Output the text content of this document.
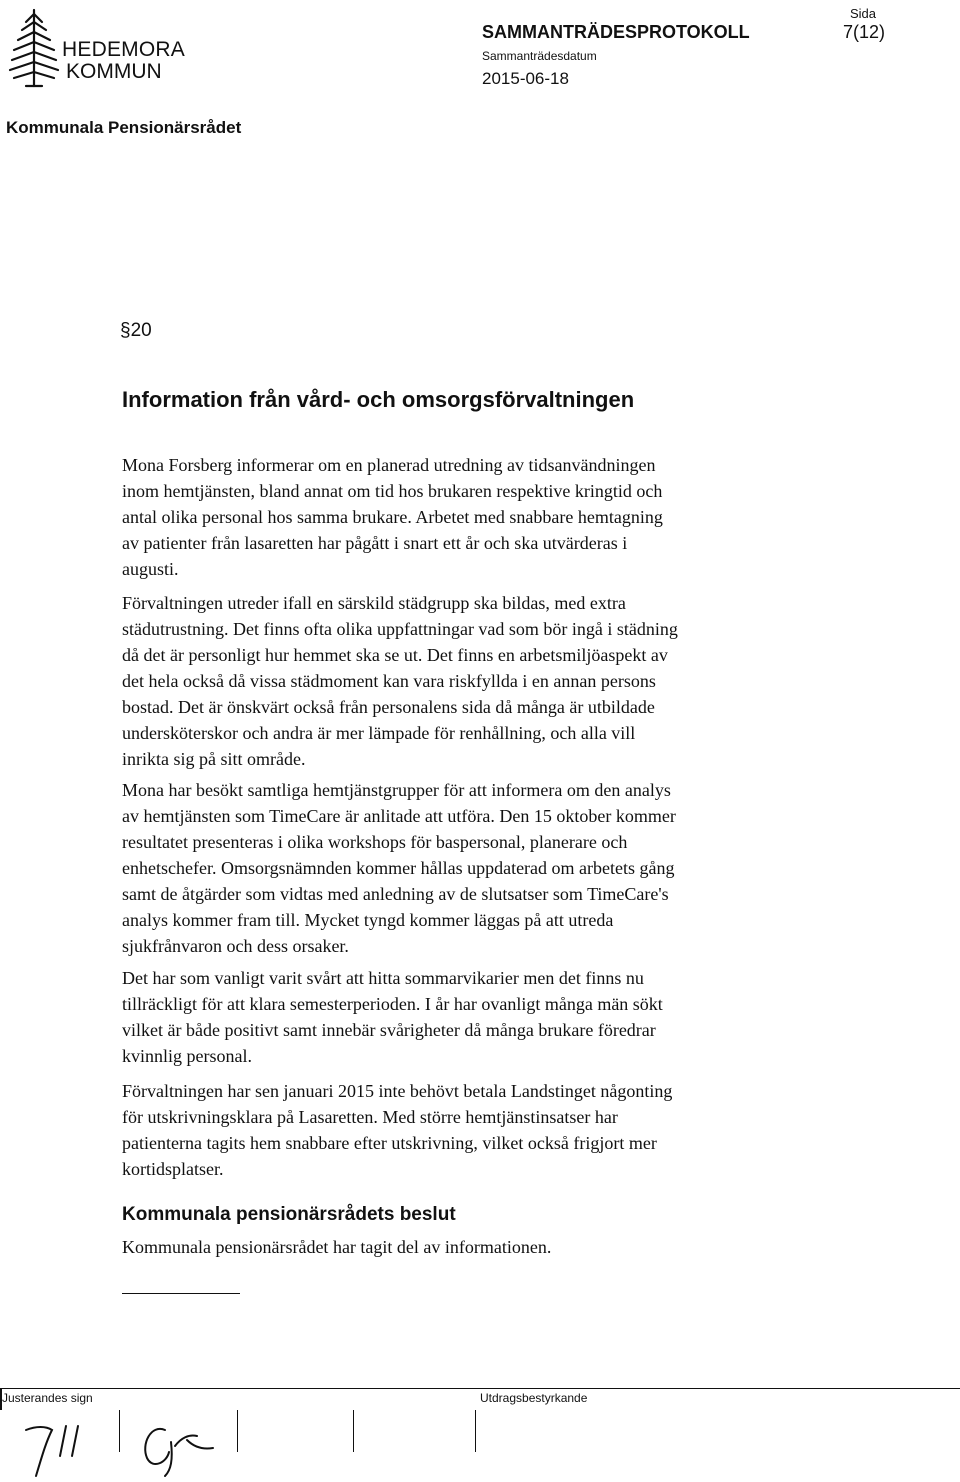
HEDEMORA
KOMMUN
SAMMANTRÄDESPROTOKOLL
Sammanträdesdatum
2015-06-18
Sida
7(12)
Kommunala Pensionärsrådet
§20
Information från vård- och omsorgsförvaltningen
Mona Forsberg informerar om en planerad utredning av tidsanvändningen
inom hemtjänsten, bland annat om tid hos brukaren respektive kringtid och
antal olika personal hos samma brukare. Arbetet med snabbare hemtagning
av patienter från lasaretten har pågått i snart ett år och ska utvärderas i
augusti.
Förvaltningen utreder ifall en särskild städgrupp ska bildas, med extra
städutrustning. Det finns ofta olika uppfattningar vad som bör ingå i städning
då det är personligt hur hemmet ska se ut. Det finns en arbetsmiljöaspekt av
det hela också då vissa städmoment kan vara riskfyllda i en annan persons
bostad. Det är önskvärt också från personalens sida då många är utbildade
undersköterskor och andra är mer lämpade för renhållning, och alla vill
inrikta sig på sitt område.
Mona har besökt samtliga hemtjänstgrupper för att informera om den analys
av hemtjänsten som TimeCare är anlitade att utföra. Den 15 oktober kommer
resultatet presenteras i olika workshops för baspersonal, planerare och
enhetschefer. Omsorgsnämnden kommer hållas uppdaterad om arbetets gång
samt de åtgärder som vidtas med anledning av de slutsatser som TimeCare's
analys kommer fram till. Mycket tyngd kommer läggas på att utreda
sjukfrånvaron och dess orsaker.
Det har som vanligt varit svårt att hitta sommarvikarier men det finns nu
tillräckligt för att klara semesterperioden. I år har ovanligt många män sökt
vilket är både positivt samt innebär svårigheter då många brukare föredrar
kvinnlig personal.
Förvaltningen har sen januari 2015 inte behövt betala Landstinget någonting
för utskrivningsklara på Lasaretten. Med större hemtjänstinsatser har
patienterna tagits hem snabbare efter utskrivning, vilket också frigjort mer
kortidsplatser.
Kommunala pensionärsrådets beslut
Kommunala pensionärsrådet har tagit del av informationen.
Justerandes sign	Utdragsbestyrkande
